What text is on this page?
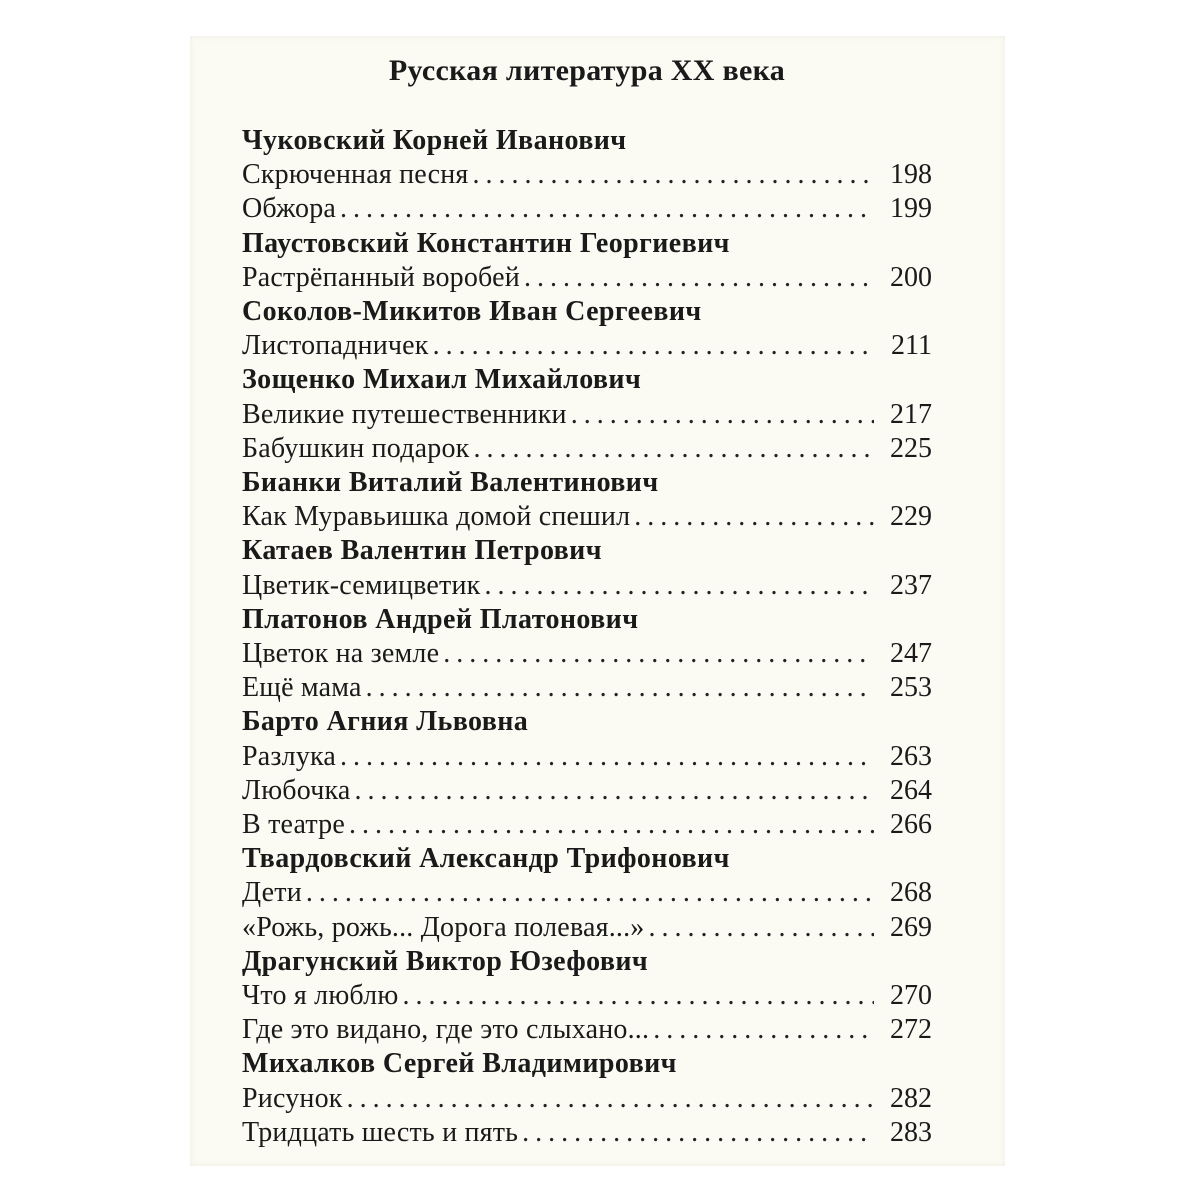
Русская литература XX века
Чуковский Корней Иванович
Скрюченная песня .....	198
Обжора .....	199
Паустовский Константин Георгиевич
Растрёпанный воробей .....	200
Соколов-Микитов Иван Сергеевич
Листопадничек .....	211
Зощенко Михаил Михайлович
Великие путешественники .....	217
Бабушкин подарок .....	225
Бианки Виталий Валентинович
Как Муравьишка домой спешил .....	229
Катаев Валентин Петрович
Цветик-семицветик .....	237
Платонов Андрей Платонович
Цветок на земле .....	247
Ещё мама .....	253
Барто Агния Львовна
Разлука .....	263
Любочка .....	264
В театре .....	266
Твардовский Александр Трифонович
Дети .....	268
«Рожь, рожь... Дорога полевая...» .....	269
Драгунский Виктор Юзефович
Что я люблю .....	270
Где это видано, где это слыхано... .....	272
Михалков Сергей Владимирович
Рисунок .....	282
Тридцать шесть и пять .....	283
